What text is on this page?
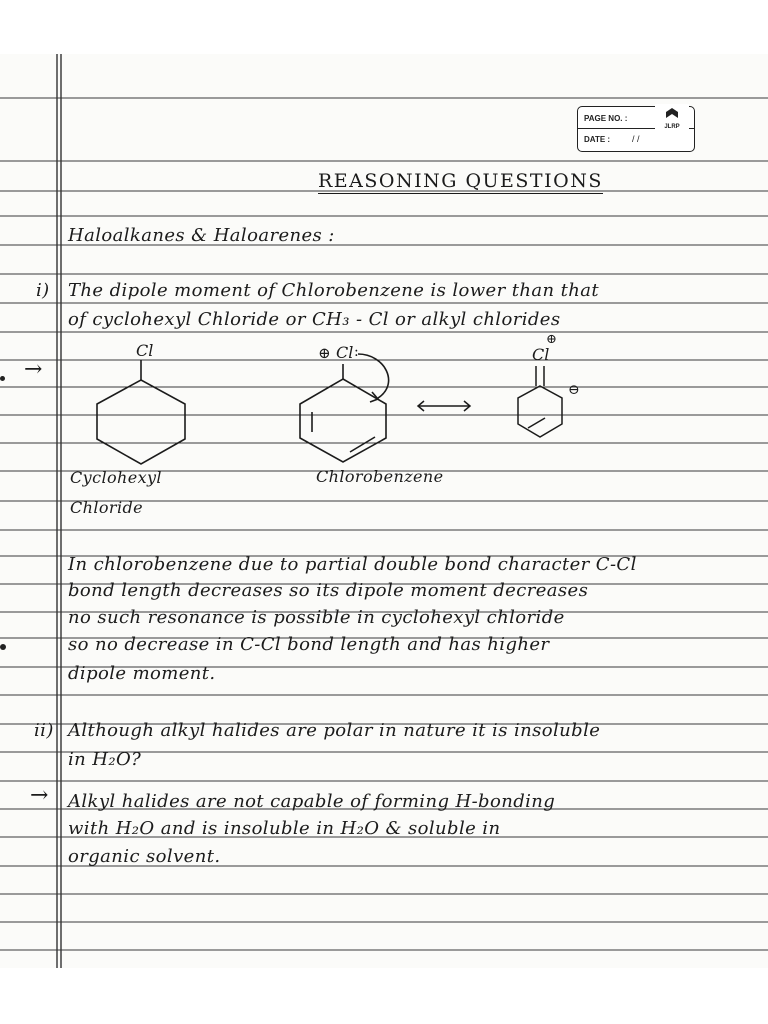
PAGE NO. :
DATE : / /
JLRP
REASONING QUESTIONS
Haloalkanes & Haloarenes :
i) The dipole moment of Chlorobenzene is lower than that
of cyclohexyl Chloride or CH₃ - Cl or alkyl chlorides
→
Cl	⊕ Cl :	Cl
⊕
⊖
Cyclohexyl
Chloride
Chlorobenzene
In chlorobenzene due to partial double bond character C-Cl
bond length decreases so its dipole moment decreases
no such resonance is possible in cyclohexyl chloride
so no decrease in C-Cl bond length and has higher
dipole moment.
ii) Although alkyl halides are polar in nature it is insoluble
in H₂O?
→ Alkyl halides are not capable of forming H-bonding
with H₂O and is insoluble in H₂O & soluble in
organic solvent.
